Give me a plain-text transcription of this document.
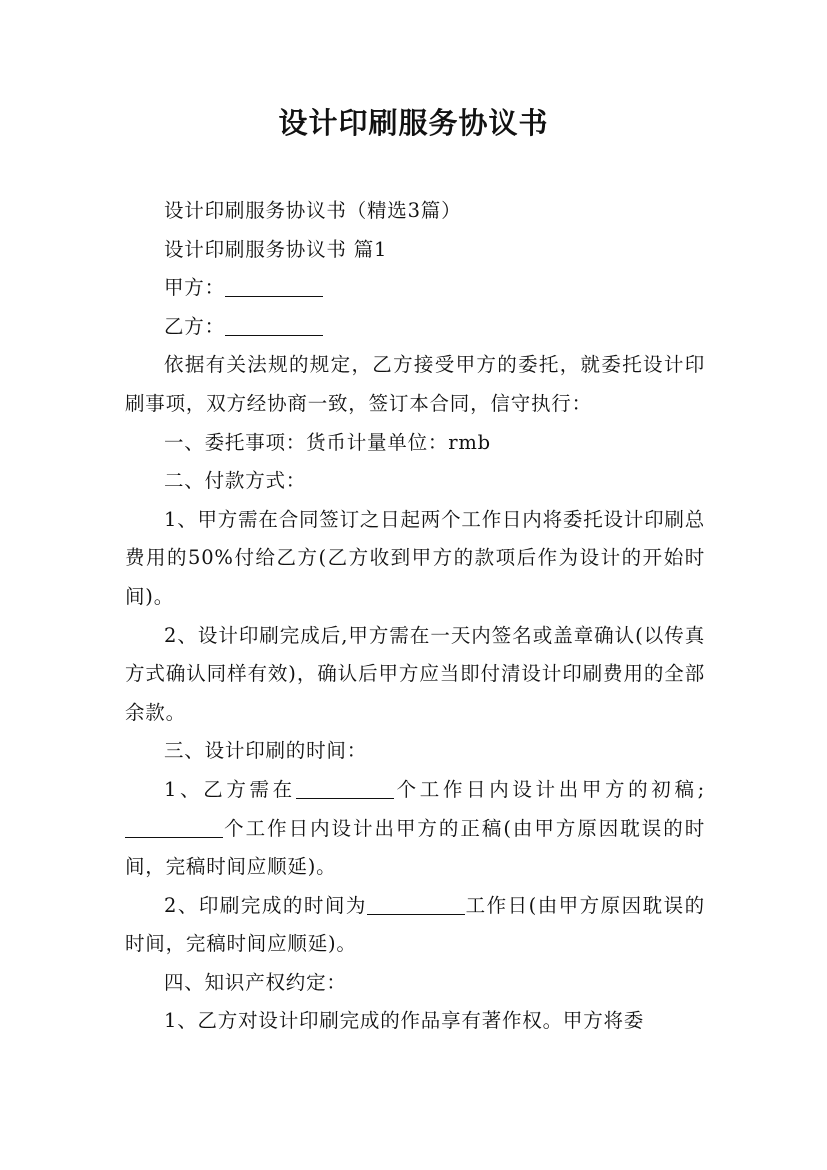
设计印刷服务协议书

设计印刷服务协议书（精选3篇）

设计印刷服务协议书 篇1

甲方：

乙方：

依据有关法规的规定，乙方接受甲方的委托，就委托设计印刷事项，双方经协商一致，签订本合同，信守执行：

一、委托事项：货币计量单位：rmb

二、付款方式：

1、甲方需在合同签订之日起两个工作日内将委托设计印刷总费用的50%付给乙方(乙方收到甲方的款项后作为设计的开始时间)。

2、设计印刷完成后,甲方需在一天内签名或盖章确认(以传真方式确认同样有效)，确认后甲方应当即付清设计印刷费用的全部余款。

三、设计印刷的时间：

1、乙方需在	个工作日内设计出甲方的初稿;个工作日内设计出甲方的正稿(由甲方原因耽误的时间，完稿时间应顺延)。

2、印刷完成的时间为	工作日(由甲方原因耽误的时间，完稿时间应顺延)。

四、知识产权约定：

1、乙方对设计印刷完成的作品享有著作权。甲方将委
